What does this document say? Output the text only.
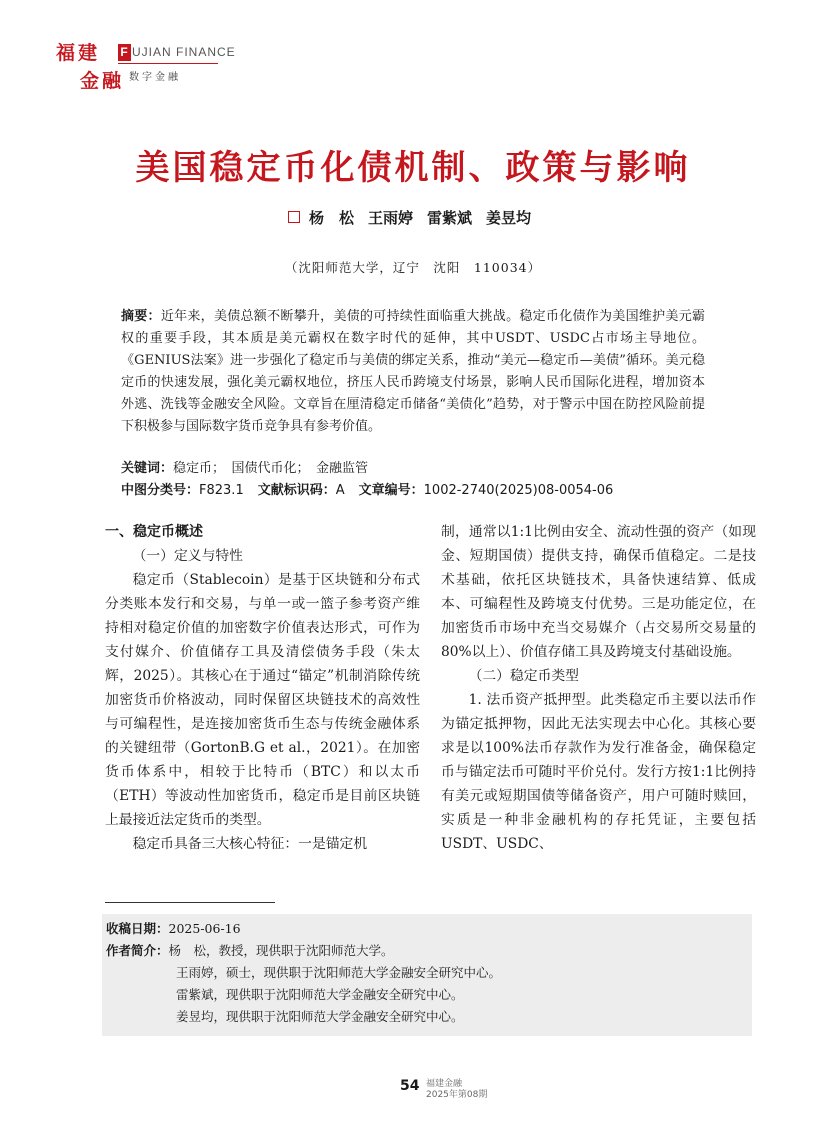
福建
金融
F UJIAN FINANCE
数字金融
美国稳定币化债机制、政策与影响
杨　松 王雨婷 雷紫斌 姜昱均
（沈阳师范大学，辽宁　沈阳　110034）
摘要：近年来，美债总额不断攀升，美债的可持续性面临重大挑战。稳定币化债作为美国维护美元霸权的重要手段，其本质是美元霸权在数字时代的延伸，其中USDT、USDC占市场主导地位。《GENIUS法案》进一步强化了稳定币与美债的绑定关系，推动“美元—稳定币—美债”循环。美元稳定币的快速发展，强化美元霸权地位，挤压人民币跨境支付场景，影响人民币国际化进程，增加资本外逃、洗钱等金融安全风险。文章旨在厘清稳定币储备“美债化”趋势，对于警示中国在防控风险前提下积极参与国际数字货币竞争具有参考价值。
关键词：稳定币；　国债代币化；　金融监管
中图分类号：F823.1 文献标识码：A 文章编号：1002-2740(2025)08-0054-06

一、稳定币概述

（一）定义与特性

稳定币（Stablecoin）是基于区块链和分布式分类账本发行和交易，与单一或一篮子参考资产维持相对稳定价值的加密数字价值表达形式，可作为支付媒介、价值储存工具及清偿债务手段（朱太辉，2025）。其核心在于通过“锚定”机制消除传统加密货币价格波动，同时保留区块链技术的高效性与可编程性，是连接加密货币生态与传统金融体系的关键纽带（GortonB.G et al.，2021）。在加密货币体系中，相较于比特币（BTC）和以太币（ETH）等波动性加密货币，稳定币是目前区块链上最接近法定货币的类型。

稳定币具备三大核心特征：一是锚定机

制，通常以1:1比例由安全、流动性强的资产（如现金、短期国债）提供支持，确保币值稳定。二是技术基础，依托区块链技术，具备快速结算、低成本、可编程性及跨境支付优势。三是功能定位，在加密货币市场中充当交易媒介（占交易所交易量的80%以上）、价值存储工具及跨境支付基础设施。

（二）稳定币类型

1. 法币资产抵押型。此类稳定币主要以法币作为锚定抵押物，因此无法实现去中心化。其核心要求是以100%法币存款作为发行准备金，确保稳定币与锚定法币可随时平价兑付。发行方按1:1比例持有美元或短期国债等储备资产，用户可随时赎回，实质是一种非金融机构的存托凭证，主要包括USDT、USDC、

收稿日期：2025-06-16
作者简介：杨　松，教授，现供职于沈阳师范大学。
王雨婷，硕士，现供职于沈阳师范大学金融安全研究中心。
雷紫斌，现供职于沈阳师范大学金融安全研究中心。
姜昱均，现供职于沈阳师范大学金融安全研究中心。
54 福建金融
2025年第08期
